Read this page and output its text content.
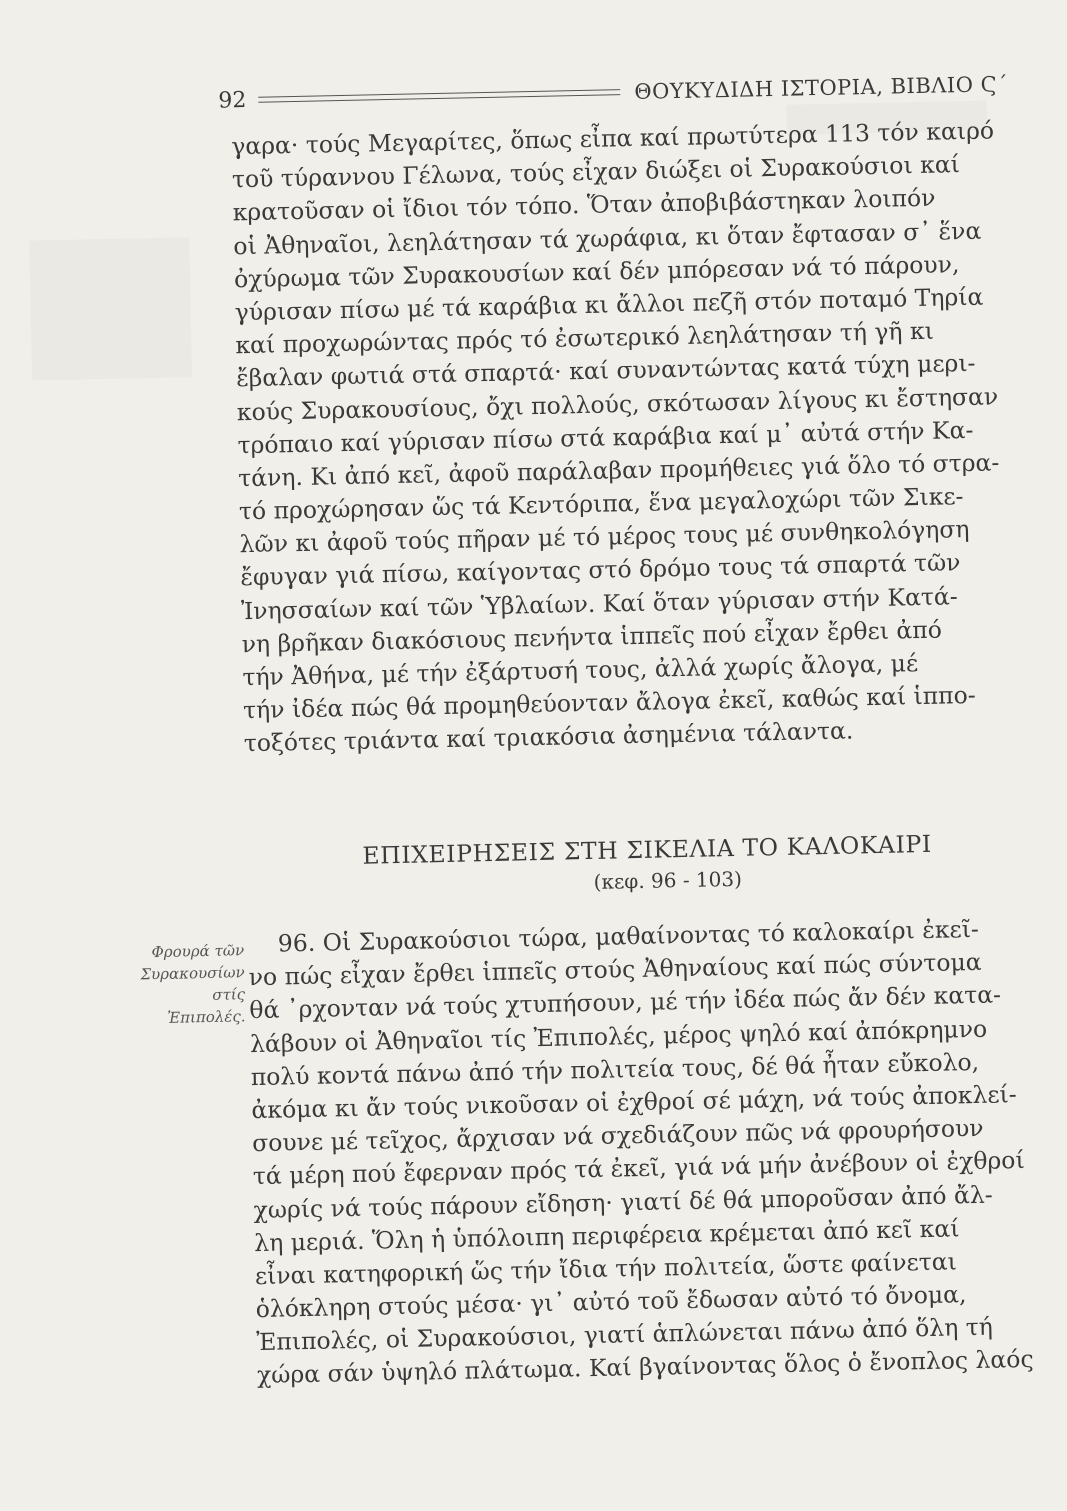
92	ΘΟΥΚΥΔΙΔΗ ΙΣΤΟΡΙΑ, ΒΙΒΛΙΟ Ϛ΄
γαρα· τούς Μεγαρίτες, ὅπως εἶπα καί πρωτύτερα 113 τόν καιρό
τοῦ τύραννου Γέλωνα, τούς εἶχαν διώξει οἱ Συρακούσιοι καί
κρατοῦσαν οἱ ἴδιοι τόν τόπο. Ὅταν ἀποβιβάστηκαν λοιπόν
οἱ Ἀθηναῖοι, λεηλάτησαν τά χωράφια, κι ὅταν ἔφτασαν σ᾽ ἕνα
ὀχύρωμα τῶν Συρακουσίων καί δέν μπόρεσαν νά τό πάρουν,
γύρισαν πίσω μέ τά καράβια κι ἄλλοι πεζῆ στόν ποταμό Τηρία
καί προχωρώντας πρός τό ἐσωτερικό λεηλάτησαν τή γῆ κι
ἔβαλαν φωτιά στά σπαρτά· καί συναντώντας κατά τύχη μερι-
κούς Συρακουσίους, ὄχι πολλούς, σκότωσαν λίγους κι ἔστησαν
τρόπαιο καί γύρισαν πίσω στά καράβια καί μ᾽ αὐτά στήν Κα-
τάνη. Κι ἀπό κεῖ, ἀφοῦ παράλαβαν προμήθειες γιά ὅλο τό στρα-
τό προχώρησαν ὥς τά Κεντόριπα, ἕνα μεγαλοχώρι τῶν Σικε-
λῶν κι ἀφοῦ τούς πῆραν μέ τό μέρος τους μέ συνθηκολόγηση
ἔφυγαν γιά πίσω, καίγοντας στό δρόμο τους τά σπαρτά τῶν
Ἰνησσαίων καί τῶν Ὑβλαίων. Καί ὅταν γύρισαν στήν Κατά-
νη βρῆκαν διακόσιους πενήντα ἱππεῖς πού εἶχαν ἔρθει ἀπό
τήν Ἀθήνα, μέ τήν ἐξάρτυσή τους, ἀλλά χωρίς ἄλογα, μέ
τήν ἰδέα πώς θά προμηθεύονταν ἄλογα ἐκεῖ, καθώς καί ἱππο-
τοξότες τριάντα καί τριακόσια ἀσημένια τάλαντα.
ΕΠΙΧΕΙΡΗΣΕΙΣ ΣΤΗ ΣΙΚΕΛΙΑ ΤΟ ΚΑΛΟΚΑΙΡΙ
(κεφ. 96 - 103)
Φρουρά τῶν
Συρακουσίων
στίς
Ἐπιπολές.
96. Οἱ Συρακούσιοι τώρα, μαθαίνοντας τό καλοκαίρι ἐκεῖ-
νο πώς εἶχαν ἔρθει ἱππεῖς στούς Ἀθηναίους καί πώς σύντομα
θά ᾽ρχονταν νά τούς χτυπήσουν, μέ τήν ἰδέα πώς ἄν δέν κατα-
λάβουν οἱ Ἀθηναῖοι τίς Ἐπιπολές, μέρος ψηλό καί ἀπόκρημνο
πολύ κοντά πάνω ἀπό τήν πολιτεία τους, δέ θά ἦταν εὔκολο,
ἀκόμα κι ἄν τούς νικοῦσαν οἱ ἐχθροί σέ μάχη, νά τούς ἀποκλεί-
σουνε μέ τεῖχος, ἄρχισαν νά σχεδιάζουν πῶς νά φρουρήσουν
τά μέρη πού ἔφερναν πρός τά ἐκεῖ, γιά νά μήν ἀνέβουν οἱ ἐχθροί
χωρίς νά τούς πάρουν εἴδηση· γιατί δέ θά μποροῦσαν ἀπό ἄλ-
λη μεριά. Ὅλη ἡ ὑπόλοιπη περιφέρεια κρέμεται ἀπό κεῖ καί
εἶναι κατηφορική ὥς τήν ἴδια τήν πολιτεία, ὥστε φαίνεται
ὁλόκληρη στούς μέσα· γι᾽ αὐτό τοῦ ἔδωσαν αὐτό τό ὄνομα,
Ἐπιπολές, οἱ Συρακούσιοι, γιατί ἁπλώνεται πάνω ἀπό ὅλη τή
χώρα σάν ὑψηλό πλάτωμα. Καί βγαίνοντας ὅλος ὁ ἔνοπλος λαός
